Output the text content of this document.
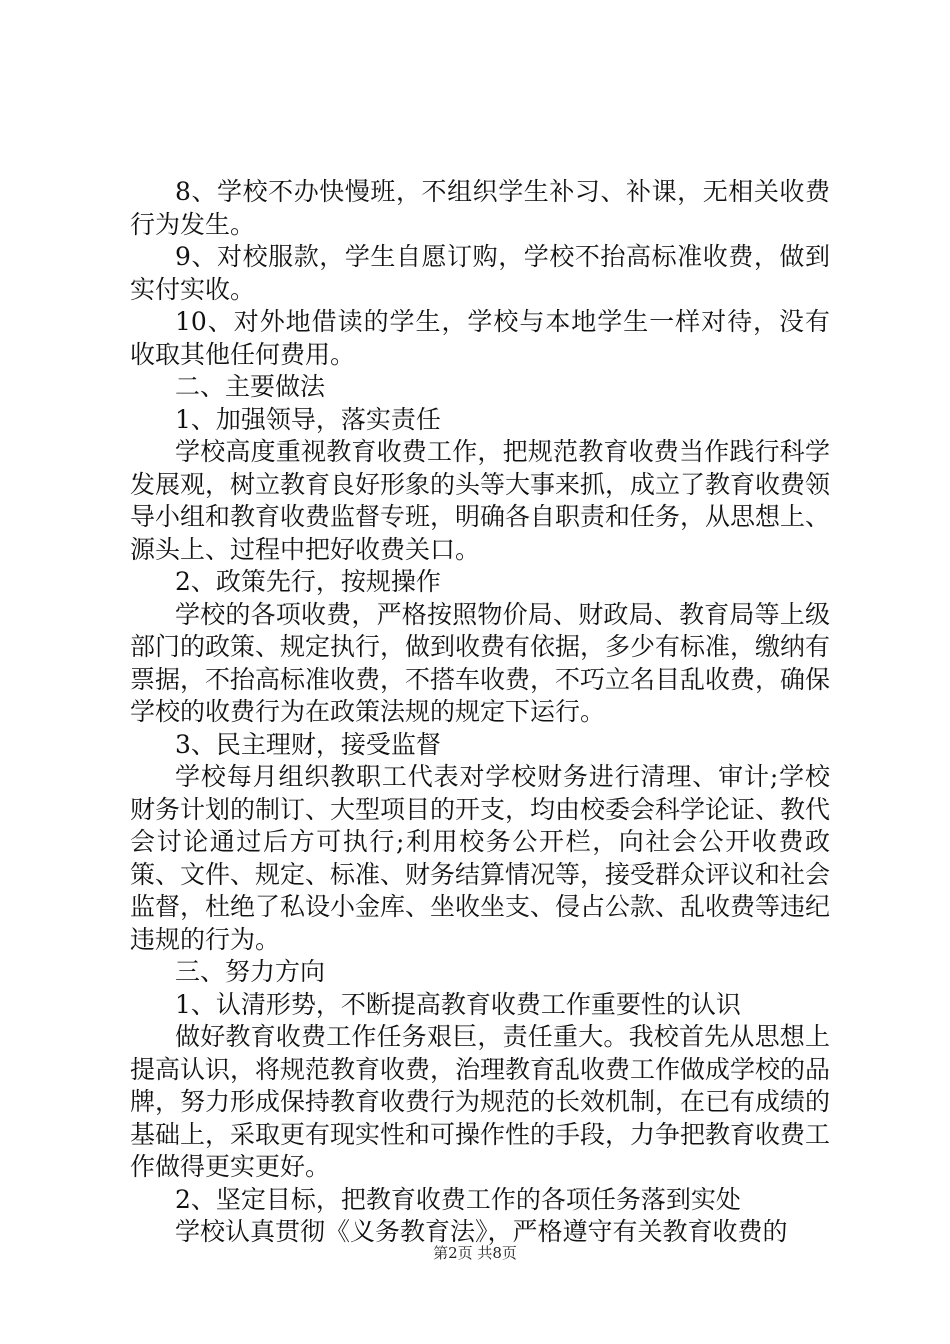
8、学校不办快慢班，不组织学生补习、补课，无相关收费行为发生。

9、对校服款，学生自愿订购，学校不抬高标准收费，做到实付实收。

10、对外地借读的学生，学校与本地学生一样对待，没有收取其他任何费用。

二、主要做法

1、加强领导，落实责任

学校高度重视教育收费工作，把规范教育收费当作践行科学发展观，树立教育良好形象的头等大事来抓，成立了教育收费领导小组和教育收费监督专班，明确各自职责和任务，从思想上、源头上、过程中把好收费关口。

2、政策先行，按规操作

学校的各项收费，严格按照物价局、财政局、教育局等上级部门的政策、规定执行，做到收费有依据，多少有标准，缴纳有票据，不抬高标准收费，不搭车收费，不巧立名目乱收费，确保学校的收费行为在政策法规的规定下运行。

3、民主理财，接受监督

学校每月组织教职工代表对学校财务进行清理、审计;学校财务计划的制订、大型项目的开支，均由校委会科学论证、教代会讨论通过后方可执行;利用校务公开栏，向社会公开收费政策、文件、规定、标准、财务结算情况等，接受群众评议和社会监督，杜绝了私设小金库、坐收坐支、侵占公款、乱收费等违纪违规的行为。

三、努力方向

1、认清形势，不断提高教育收费工作重要性的认识

做好教育收费工作任务艰巨，责任重大。我校首先从思想上提高认识，将规范教育收费，治理教育乱收费工作做成学校的品牌，努力形成保持教育收费行为规范的长效机制，在已有成绩的基础上，采取更有现实性和可操作性的手段，力争把教育收费工作做得更实更好。

2、坚定目标，把教育收费工作的各项任务落到实处

学校认真贯彻《义务教育法》，严格遵守有关教育收费的

第2页 共8页
